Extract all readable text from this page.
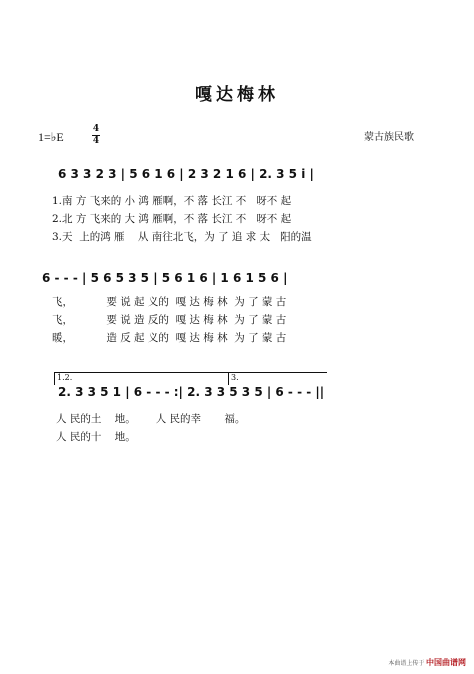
嘎达梅林
1=♭E
4
4	蒙古族民歌
6 3 3 2 3 | 5 6 1 6 | 2 3 2 1 6 | 2. 3 5 i |
1.南 方 飞来的 小 鸿 雁啊，不 落 长江 不   呀不 起
2.北 方 飞来的 大 鸿 雁啊，不 落 长江 不   呀不 起
3.天  上的鸿 雁    从 南往北飞，为 了 追 求 太   阳的温
6 - - - | 5 6 5 3 5 | 5 6 1 6 | 1 6 1 5 6 |
飞，          要 说 起 义的  嘎 达 梅 林  为 了 蒙 古
飞，          要 说 造 反的  嘎 达 梅 林  为 了 蒙 古
暖，          造 反 起 义的  嘎 达 梅 林  为 了 蒙 古
1.2.	3.
2. 3 3 5 1 | 6 - - - :| 2. 3 3 5 3 5 | 6 - - - ||
人 民的土    地。      人 民的幸       福。
人 民的十    地。
本曲谱上传于 中国曲谱网
